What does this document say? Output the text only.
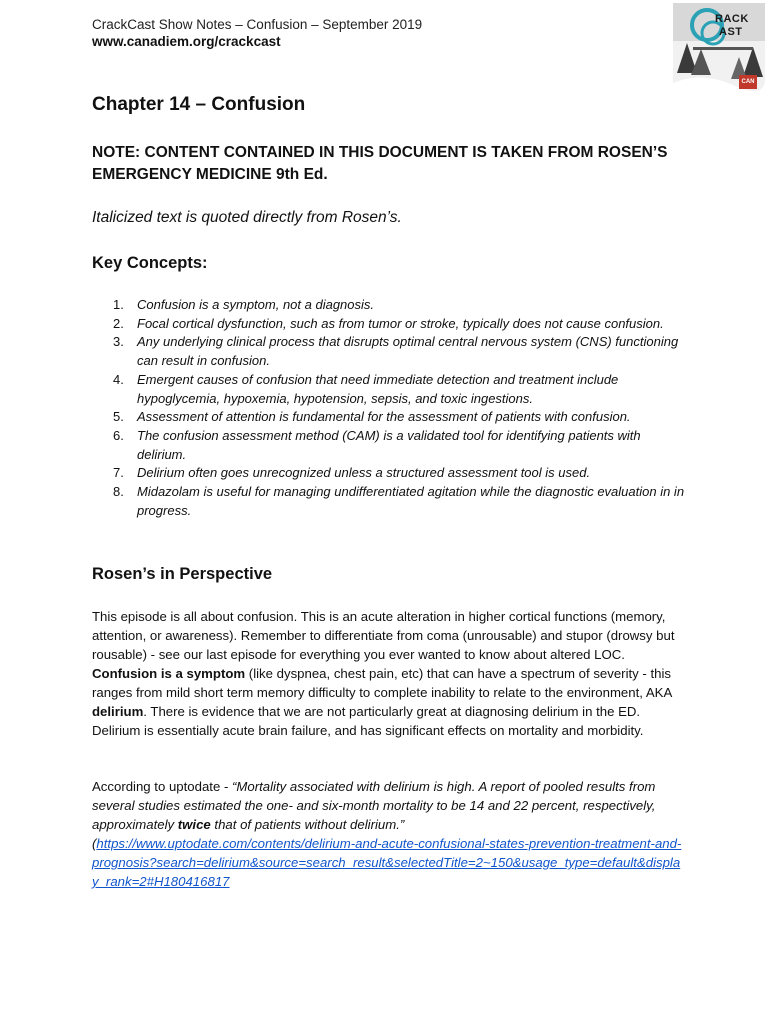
CrackCast Show Notes – Confusion – September 2019
www.canadiem.org/crackcast
RACK
AST
CAN
Chapter 14 – Confusion
NOTE: CONTENT CONTAINED IN THIS DOCUMENT IS TAKEN FROM ROSEN’S EMERGENCY MEDICINE 9th Ed.
Italicized text is quoted directly from Rosen’s.
Key Concepts:
1. Confusion is a symptom, not a diagnosis.
2. Focal cortical dysfunction, such as from tumor or stroke, typically does not cause confusion.
3. Any underlying clinical process that disrupts optimal central nervous system (CNS) functioning can result in confusion.
4. Emergent causes of confusion that need immediate detection and treatment include hypoglycemia, hypoxemia, hypotension, sepsis, and toxic ingestions.
5. Assessment of attention is fundamental for the assessment of patients with confusion.
6. The confusion assessment method (CAM) is a validated tool for identifying patients with delirium.
7. Delirium often goes unrecognized unless a structured assessment tool is used.
8. Midazolam is useful for managing undifferentiated agitation while the diagnostic evaluation in in progress.
Rosen’s in Perspective
This episode is all about confusion. This is an acute alteration in higher cortical functions (memory, attention, or awareness). Remember to differentiate from coma (unrousable) and stupor (drowsy but rousable) - see our last episode for everything you ever wanted to know about altered LOC. Confusion is a symptom (like dyspnea, chest pain, etc) that can have a spectrum of severity - this ranges from mild short term memory difficulty to complete inability to relate to the environment, AKA delirium. There is evidence that we are not particularly great at diagnosing delirium in the ED. Delirium is essentially acute brain failure, and has significant effects on mortality and morbidity.
According to uptodate - “Mortality associated with delirium is high. A report of pooled results from several studies estimated the one- and six-month mortality to be 14 and 22 percent, respectively, approximately twice that of patients without delirium.”
(https://www.uptodate.com/contents/delirium-and-acute-confusional-states-prevention-treatment-and-prognosis?search=delirium&source=search_result&selectedTitle=2~150&usage_type=default&display_rank=2#H180416817
